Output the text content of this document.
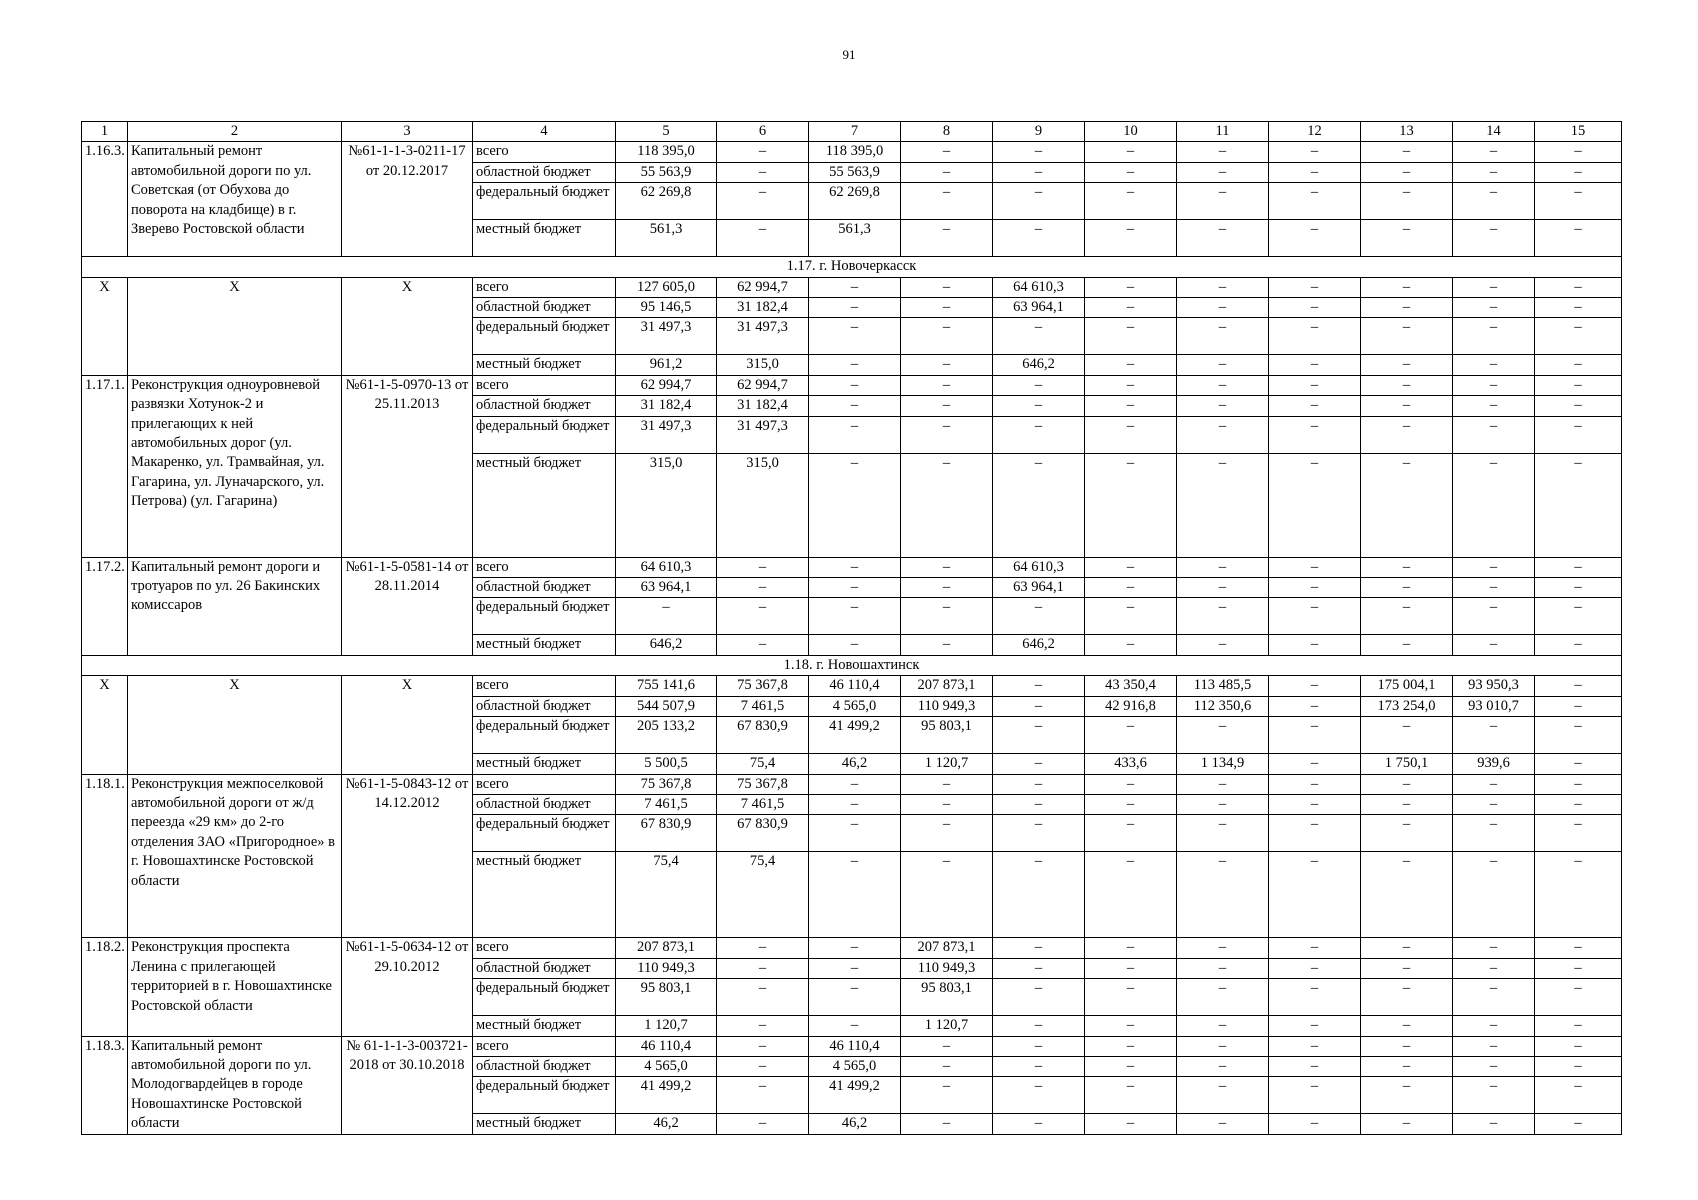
91
1	2	3	4	5	6	7	8	9	10	11	12	13	14	15
1.16.3.	Капитальный ремонт автомобильной дороги по ул. Советская (от Обухова до поворота на кладбище) в г. Зверево Ростовской области	№61-1-1-3-0211-17 от 20.12.2017	всего	118 395,0	–	118 395,0	–	–	–	–	–	–	–	–
			областной бюджет	55 563,9	–	55 563,9	–	–	–	–	–	–	–	–
			федеральный бюджет	62 269,8	–	62 269,8	–	–	–	–	–	–	–	–
			местный бюджет	561,3	–	561,3	–	–	–	–	–	–	–	–
1.17. г. Новочеркасск														
Х	Х	Х	всего	127 605,0	62 994,7	–	–	64 610,3	–	–	–	–	–	–
			областной бюджет	95 146,5	31 182,4	–	–	63 964,1	–	–	–	–	–	–
			федеральный бюджет	31 497,3	31 497,3	–	–	–	–	–	–	–	–	–
			местный бюджет	961,2	315,0	–	–	646,2	–	–	–	–	–	–
1.17.1.	Реконструкция одноуровневой развязки Хотунок-2 и прилегающих к ней автомобильных дорог (ул. Макаренко, ул. Трамвайная, ул. Гагарина, ул. Луначарского, ул. Петрова) (ул. Гагарина)	№61-1-5-0970-13 от 25.11.2013	всего	62 994,7	62 994,7	–	–	–	–	–	–	–	–	–
			областной бюджет	31 182,4	31 182,4	–	–	–	–	–	–	–	–	–
			федеральный бюджет	31 497,3	31 497,3	–	–	–	–	–	–	–	–	–
			местный бюджет	315,0	315,0	–	–	–	–	–	–	–	–	–
1.17.2.	Капитальный ремонт дороги и тротуаров по ул. 26 Бакинских комиссаров	№61-1-5-0581-14 от 28.11.2014	всего	64 610,3	–	–	–	64 610,3	–	–	–	–	–	–
			областной бюджет	63 964,1	–	–	–	63 964,1	–	–	–	–	–	–
			федеральный бюджет	–	–	–	–	–	–	–	–	–	–	–
			местный бюджет	646,2	–	–	–	646,2	–	–	–	–	–	–
1.18. г. Новошахтинск														
Х	Х	Х	всего	755 141,6	75 367,8	46 110,4	207 873,1	–	43 350,4	113 485,5	–	175 004,1	93 950,3	–
			областной бюджет	544 507,9	7 461,5	4 565,0	110 949,3	–	42 916,8	112 350,6	–	173 254,0	93 010,7	–
			федеральный бюджет	205 133,2	67 830,9	41 499,2	95 803,1	–	–	–	–	–	–	–
			местный бюджет	5 500,5	75,4	46,2	1 120,7	–	433,6	1 134,9	–	1 750,1	939,6	–
1.18.1.	Реконструкция межпоселковой автомобильной дороги от ж/д переезда «29 км» до 2-го отделения ЗАО «Пригородное» в г. Новошахтинске Ростовской области	№61-1-5-0843-12 от 14.12.2012	всего	75 367,8	75 367,8	–	–	–	–	–	–	–	–	–
			областной бюджет	7 461,5	7 461,5	–	–	–	–	–	–	–	–	–
			федеральный бюджет	67 830,9	67 830,9	–	–	–	–	–	–	–	–	–
			местный бюджет	75,4	75,4	–	–	–	–	–	–	–	–	–
1.18.2.	Реконструкция проспекта Ленина с прилегающей территорией в г. Новошахтинске Ростовской области	№61-1-5-0634-12 от 29.10.2012	всего	207 873,1	–	–	207 873,1	–	–	–	–	–	–	–
			областной бюджет	110 949,3	–	–	110 949,3	–	–	–	–	–	–	–
			федеральный бюджет	95 803,1	–	–	95 803,1	–	–	–	–	–	–	–
			местный бюджет	1 120,7	–	–	1 120,7	–	–	–	–	–	–	–
1.18.3.	Капитальный ремонт автомобильной дороги по ул. Молодогвардейцев в городе Новошахтинске Ростовской области	№ 61-1-1-3-003721-2018 от 30.10.2018	всего	46 110,4	–	46 110,4	–	–	–	–	–	–	–	–
			областной бюджет	4 565,0	–	4 565,0	–	–	–	–	–	–	–	–
			федеральный бюджет	41 499,2	–	41 499,2	–	–	–	–	–	–	–	–
			местный бюджет	46,2	–	46,2	–	–	–	–	–	–	–	–
